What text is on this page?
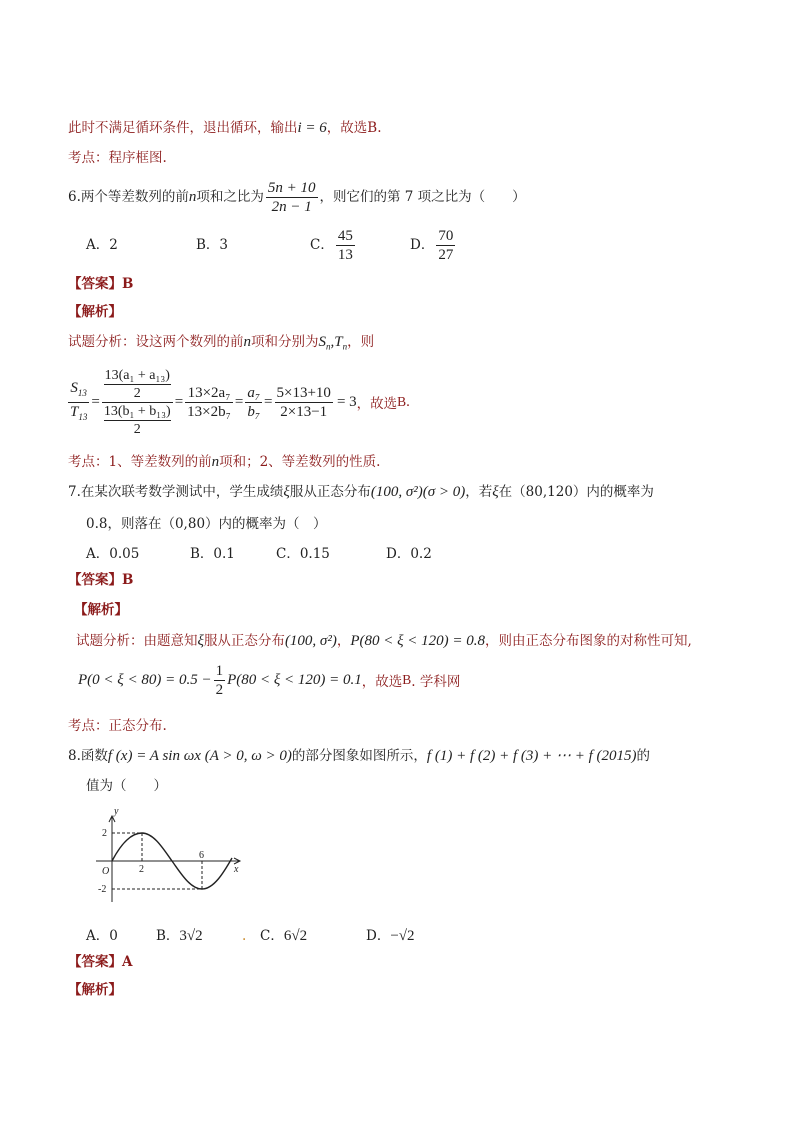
此时不满足循环条件，退出循环，输出i = 6，故选B.
考点：程序框图.
6.两个等差数列的前n项和之比为 $\frac{5n + 10}{2n - 1}$ ，则它们的第 7 项之比为（　　）
A．2	B．3	C． $\frac{45}{13}$	D． $\frac{70}{27}$
【答案】B
【解析】
试题分析：设这两个数列的前n项和分别为$S_n,T_n$，则
$\frac{S_{13}}{T_{13}} = 13(a_1 + a_{13})$
2
13(b₁ + b₁₃)
$2 = \frac{\text{13×2a₇}}{\text{13×2b₇}} = \frac{\text{a₇}}{\text{b₇}} = \frac{5\times 13+10}{2\times 13-1} = 3$ ，故选 B .
考点：1、等差数列的前n项和；2、等差数列的性质.
7.在某次联考数学测试中，学生成绩ξ服从正态分布(100, σ²)(σ > 0)，若ξ在（80,120）内的概率为
0.8，则落在（0,80）内的概率为（　）
A．0.05	B．0.1	C．0.15	D．0.2
【答案】B
【解析】
试题分析：由题意知ξ服从正态分布(100, σ²)，P(80 < ξ < 120) = 0.8，则由正态分布图象的对称性可知,
$P(0 < \xi < 80) = 0.5 - \frac{1}{2} P(80 < \xi < 120) = 0.1$ ，故选 B . 学科网
考点：正态分布.
8.函数f (x) = A sin ωx (A > 0, ω > 0)的部分图象如图所示，f (1) + f (2) + f (3) + ⋯ + f (2015)的
值为（　　）
y
x
O
2
-2
2
6
A．0	B．3√2	. C．6√2	D．−√2
【答案】A
【解析】
